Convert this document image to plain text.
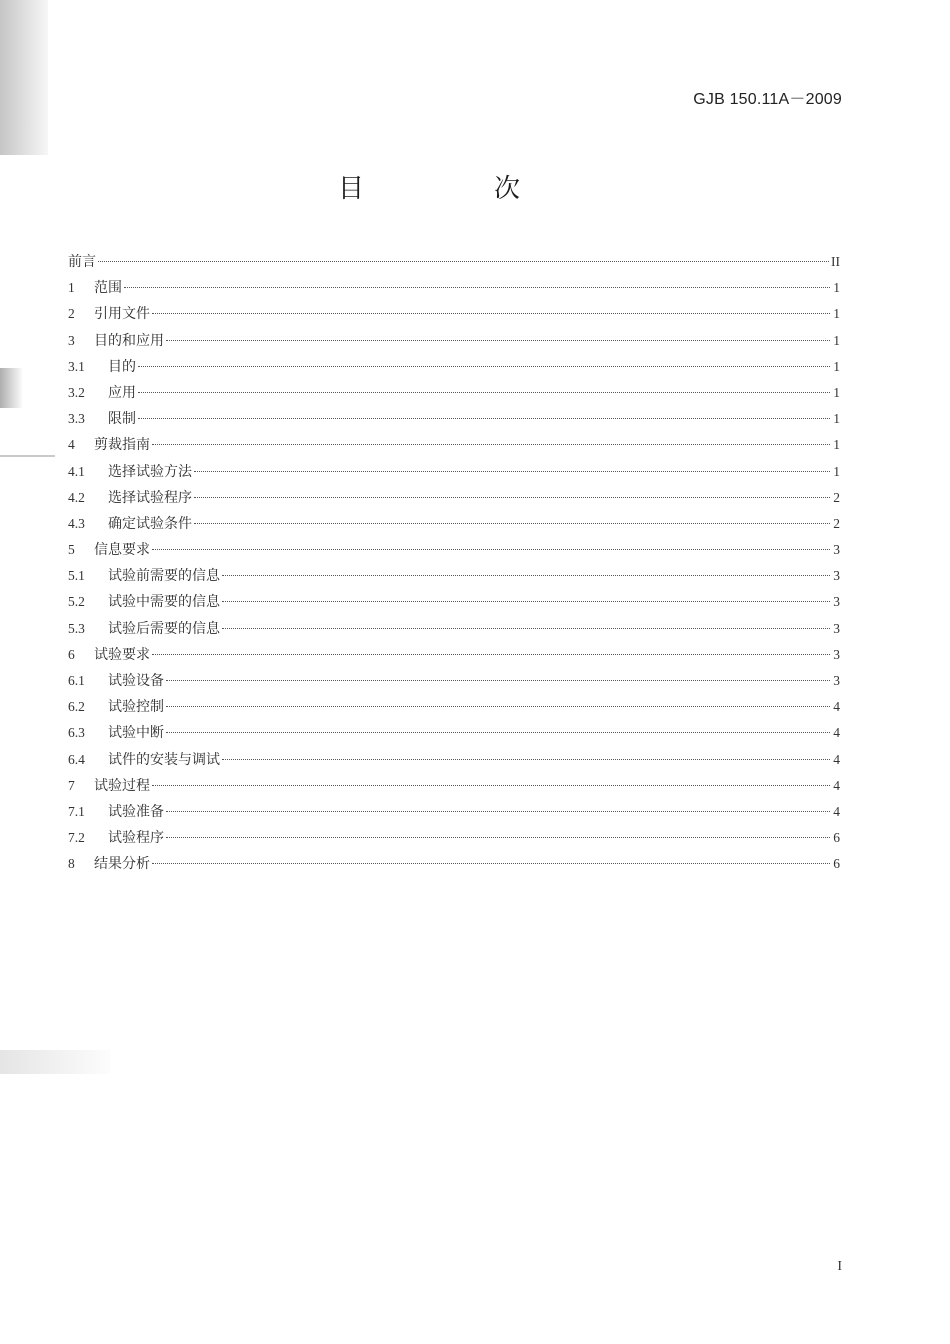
GJB 150.11A－2009
目　次
前言	II
1	范围	1
2	引用文件	1
3	目的和应用	1
3.1	目的	1
3.2	应用	1
3.3	限制	1
4	剪裁指南	1
4.1	选择试验方法	1
4.2	选择试验程序	2
4.3	确定试验条件	2
5	信息要求	3
5.1	试验前需要的信息	3
5.2	试验中需要的信息	3
5.3	试验后需要的信息	3
6	试验要求	3
6.1	试验设备	3
6.2	试验控制	4
6.3	试验中断	4
6.4	试件的安装与调试	4
7	试验过程	4
7.1	试验准备	4
7.2	试验程序	6
8	结果分析	6
I
